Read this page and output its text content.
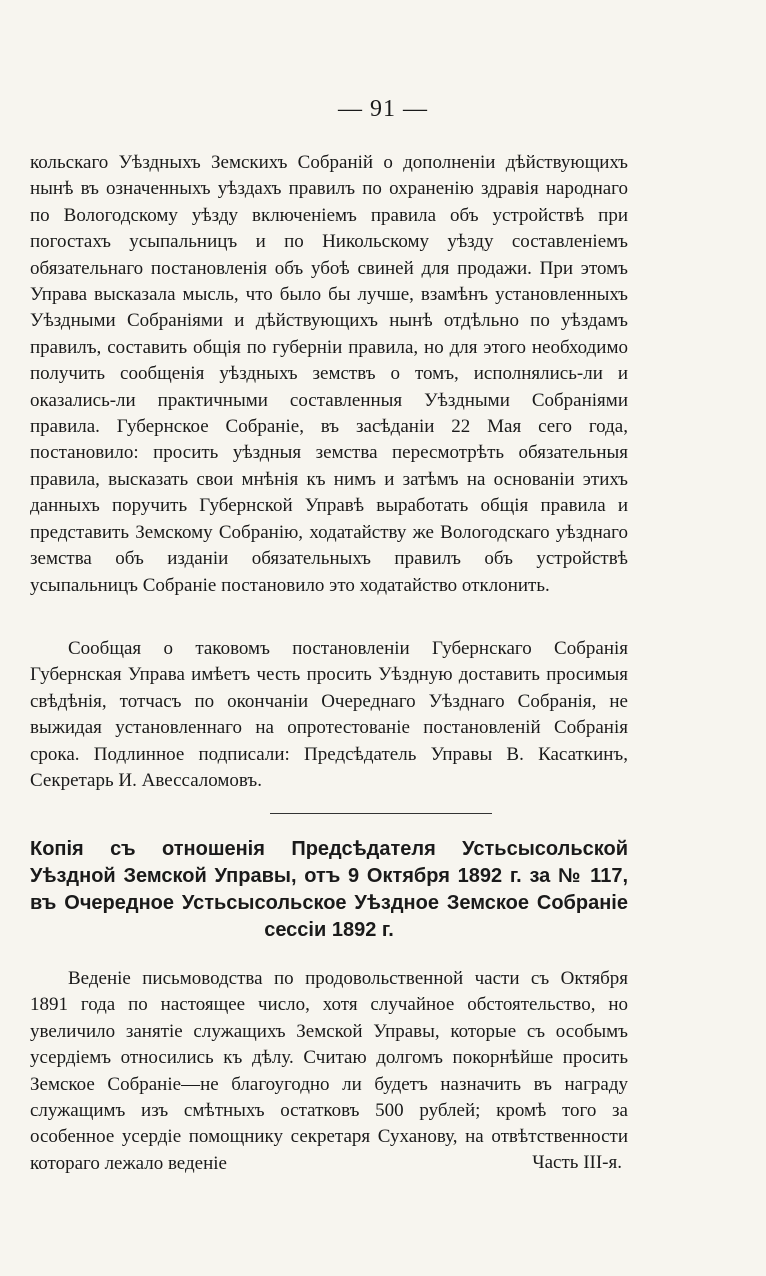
— 91 —

кольскаго Уѣздныхъ Земскихъ Собраній о дополненіи дѣйствующихъ нынѣ въ означенныхъ уѣздахъ правилъ по охраненію здравія народнаго по Вологодскому уѣзду включеніемъ правила объ устройствѣ при погостахъ усыпальницъ и по Никольскому уѣзду составленіемъ обязательнаго постановленія объ убоѣ свиней для продажи. При этомъ Управа высказала мысль, что было бы лучше, взамѣнъ установленныхъ Уѣздными Собраніями и дѣйствующихъ нынѣ отдѣльно по уѣздамъ правилъ, составить общія по губерніи правила, но для этого необходимо получить сообщенія уѣздныхъ земствъ о томъ, исполнялись-ли и оказались-ли практичными составленныя Уѣздными Собраніями правила. Губернское Собраніе, въ засѣданіи 22 Мая сего года, постановило: просить уѣздныя земства пересмотрѣть обязательныя правила, высказать свои мнѣнія къ нимъ и затѣмъ на основаніи этихъ данныхъ поручить Губернской Управѣ выработать общія правила и представить Земскому Собранію, ходатайству же Вологодскаго уѣзднаго земства объ изданіи обязательныхъ правилъ объ устройствѣ усыпальницъ Собраніе постановило это ходатайство отклонить.

Сообщая о таковомъ постановленіи Губернскаго Собранія Губернская Управа имѣетъ честь просить Уѣздную доставить просимыя свѣдѣнія, тотчасъ по окончаніи Очереднаго Уѣзднаго Собранія, не выжидая установленнаго на опротестованіе постановленій Собранія срока. Подлинное подписали: Предсѣдатель Управы В. Касаткинъ, Секретарь И. Авессаломовъ.

Копія съ отношенія Предсѣдателя Устьсысольской Уѣздной Земской Управы, отъ 9 Октября 1892 г. за № 117, въ Очередное Устьсысольское Уѣздное Земское Собраніе сессіи 1892 г.

Веденіе письмоводства по продовольственной части съ Октября 1891 года по настоящее число, хотя случайное обстоятельство, но увеличило занятіе служащихъ Земской Управы, которые съ особымъ усердіемъ относились къ дѣлу. Считаю долгомъ покорнѣйше просить Земское Собраніе—не благоугодно ли будетъ назначить въ награду служащимъ изъ смѣтныхъ остатковъ 500 рублей; кромѣ того за особенное усердіе помощнику секретаря Суханову, на отвѣтственности котораго лежало веденіе	Часть III-я.
